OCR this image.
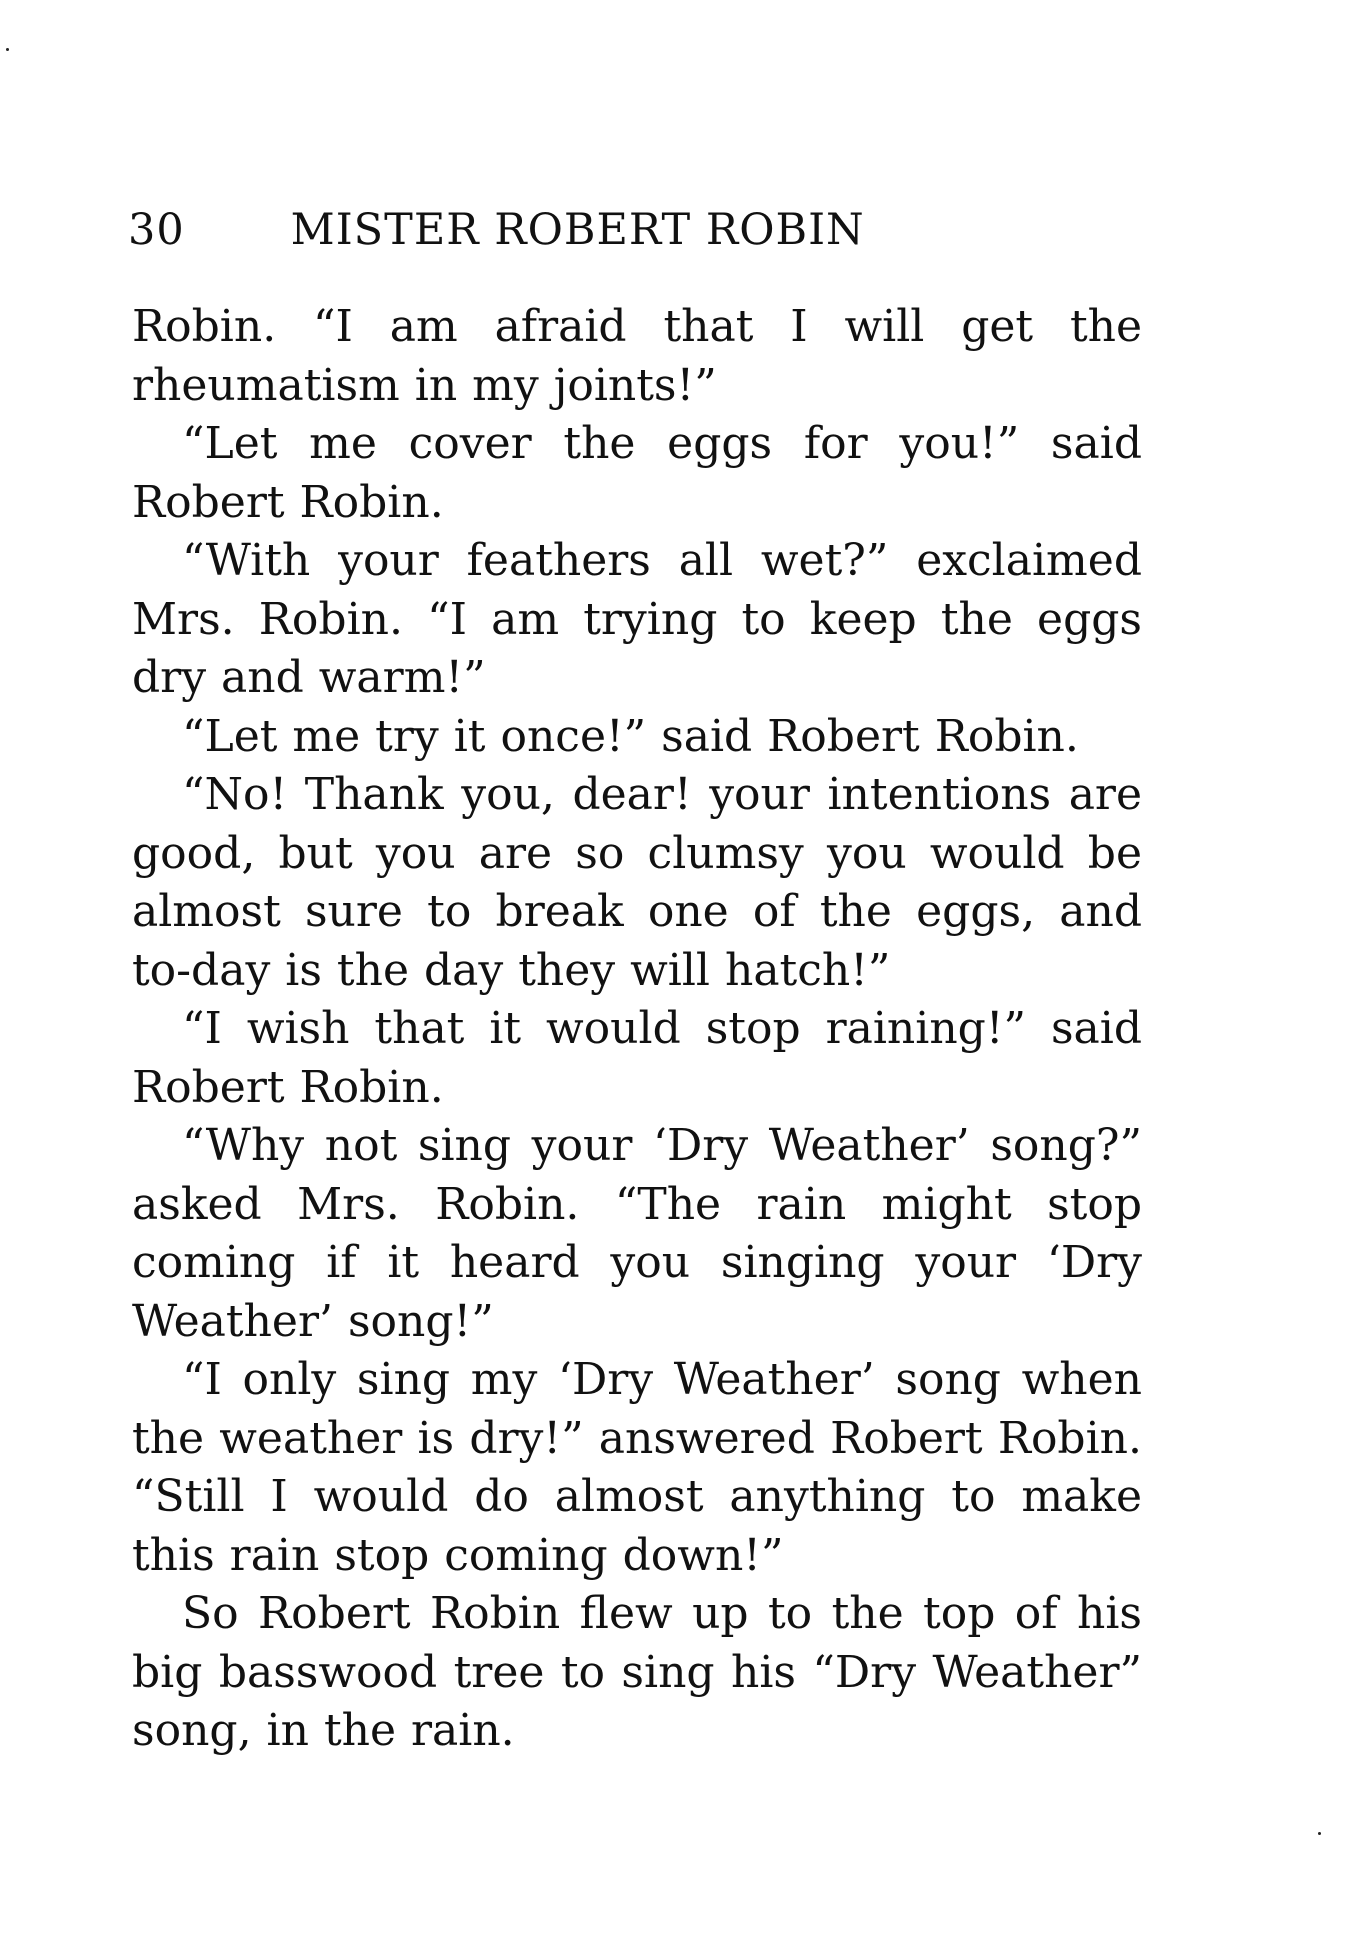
30 MISTER ROBERT ROBIN

Robin. “I am afraid that I will get the rheumatism in my joints!”

“Let me cover the eggs for you!” said Robert Robin.

“With your feathers all wet?” exclaimed Mrs. Robin. “I am trying to keep the eggs dry and warm!”

“Let me try it once!” said Robert Robin.

“No! Thank you, dear! your intentions are good, but you are so clumsy you would be almost sure to break one of the eggs, and to-day is the day they will hatch!”

“I wish that it would stop raining!” said Robert Robin.

“Why not sing your ‘Dry Weather’ song?” asked Mrs. Robin. “The rain might stop coming if it heard you singing your ‘Dry Weather’ song!”

“I only sing my ‘Dry Weather’ song when the weather is dry!” answered Robert Robin. “Still I would do almost anything to make this rain stop coming down!”

So Robert Robin flew up to the top of his big basswood tree to sing his “Dry Weather” song, in the rain.
